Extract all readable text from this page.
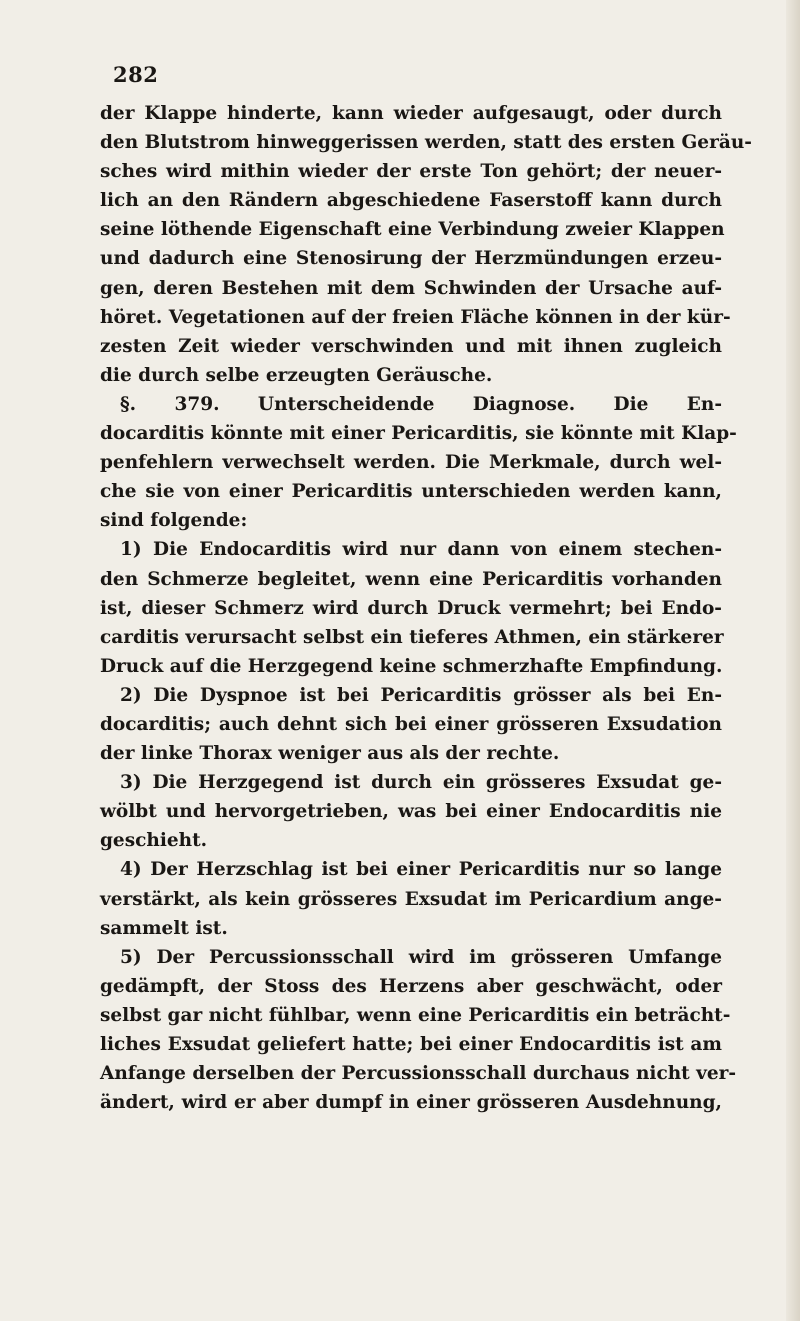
282
der Klappe hinderte, kann wieder aufgesaugt, oder durch
den Blutstrom hinweggerissen werden, statt des ersten Geräu-
sches wird mithin wieder der erste Ton gehört; der neuer-
lich an den Rändern abgeschiedene Faserstoff kann durch
seine löthende Eigenschaft eine Verbindung zweier Klappen
und dadurch eine Stenosirung der Herzmündungen erzeu-
gen, deren Bestehen mit dem Schwinden der Ursache auf-
höret. Vegetationen auf der freien Fläche können in der kür-
zesten Zeit wieder verschwinden und mit ihnen zugleich
die durch selbe erzeugten Geräusche.
§. 379. Unterscheidende Diagnose. Die En-
docarditis könnte mit einer Pericarditis, sie könnte mit Klap-
penfehlern verwechselt werden. Die Merkmale, durch wel-
che sie von einer Pericarditis unterschieden werden kann,
sind folgende:
1) Die Endocarditis wird nur dann von einem stechen-
den Schmerze begleitet, wenn eine Pericarditis vorhanden
ist, dieser Schmerz wird durch Druck vermehrt; bei Endo-
carditis verursacht selbst ein tieferes Athmen, ein stärkerer
Druck auf die Herzgegend keine schmerzhafte Empfindung.
2) Die Dyspnoe ist bei Pericarditis grösser als bei En-
docarditis; auch dehnt sich bei einer grösseren Exsudation
der linke Thorax weniger aus als der rechte.
3) Die Herzgegend ist durch ein grösseres Exsudat ge-
wölbt und hervorgetrieben, was bei einer Endocarditis nie
geschieht.
4) Der Herzschlag ist bei einer Pericarditis nur so lange
verstärkt, als kein grösseres Exsudat im Pericardium ange-
sammelt ist.
5) Der Percussionsschall wird im grösseren Umfange
gedämpft, der Stoss des Herzens aber geschwächt, oder
selbst gar nicht fühlbar, wenn eine Pericarditis ein beträcht-
liches Exsudat geliefert hatte; bei einer Endocarditis ist am
Anfange derselben der Percussionsschall durchaus nicht ver-
ändert, wird er aber dumpf in einer grösseren Ausdehnung,
